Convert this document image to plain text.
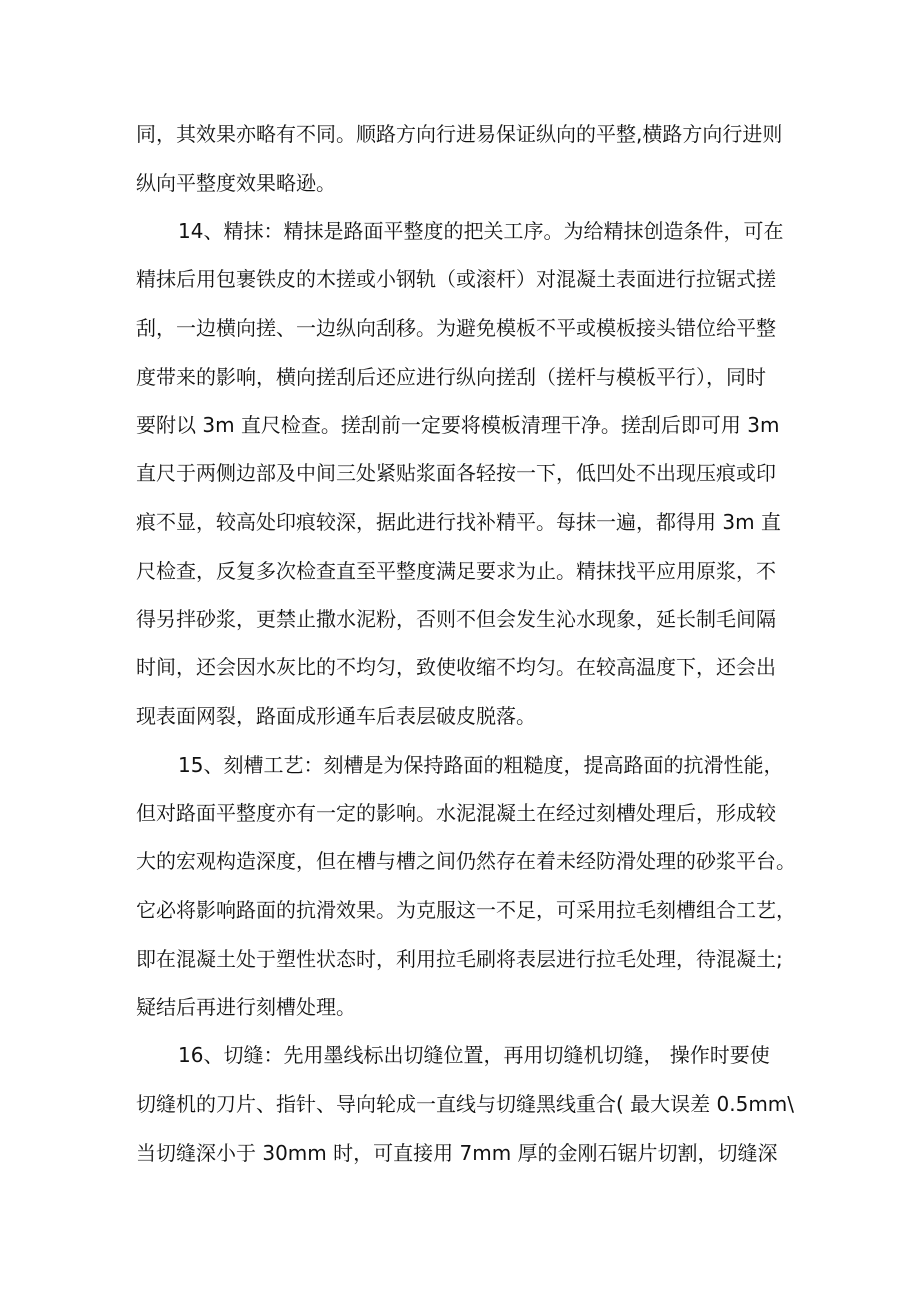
同，其效果亦略有不同。顺路方向行进易保证纵向的平整,横路方向行进则
纵向平整度效果略逊。
14、精抹：精抹是路面平整度的把关工序。为给精抹创造条件，可在
精抹后用包裹铁皮的木搓或小钢轨（或滚杆）对混凝土表面进行拉锯式搓
刮，一边横向搓、一边纵向刮移。为避免模板不平或模板接头错位给平整
度带来的影响，横向搓刮后还应进行纵向搓刮（搓杆与模板平行），同时
要附以 3m 直尺检查。搓刮前一定要将模板清理干净。搓刮后即可用 3m
直尺于两侧边部及中间三处紧贴浆面各轻按一下，低凹处不出现压痕或印
痕不显，较高处印痕较深，据此进行找补精平。每抹一遍，都得用 3m 直
尺检查，反复多次检查直至平整度满足要求为止。精抹找平应用原浆，不
得另拌砂浆，更禁止撒水泥粉，否则不但会发生沁水现象，延长制毛间隔
时间，还会因水灰比的不均匀，致使收缩不均匀。在较高温度下，还会出
现表面网裂，路面成形通车后表层破皮脱落。
15、刻槽工艺：刻槽是为保持路面的粗糙度，提高路面的抗滑性能，
但对路面平整度亦有一定的影响。水泥混凝土在经过刻槽处理后，形成较
大的宏观构造深度，但在槽与槽之间仍然存在着未经防滑处理的砂浆平台。
它必将影响路面的抗滑效果。为克服这一不足，可采用拉毛刻槽组合工艺，
即在混凝土处于塑性状态时，利用拉毛刷将表层进行拉毛处理，待混凝土;
疑结后再进行刻槽处理。
16、切缝：先用墨线标出切缝位置，再用切缝机切缝， 操作时要使
切缝机的刀片、指针、导向轮成一直线与切缝黑线重合( 最大误差 0.5mm\
当切缝深小于 30mm 时，可直接用 7mm 厚的金刚石锯片切割，切缝深
